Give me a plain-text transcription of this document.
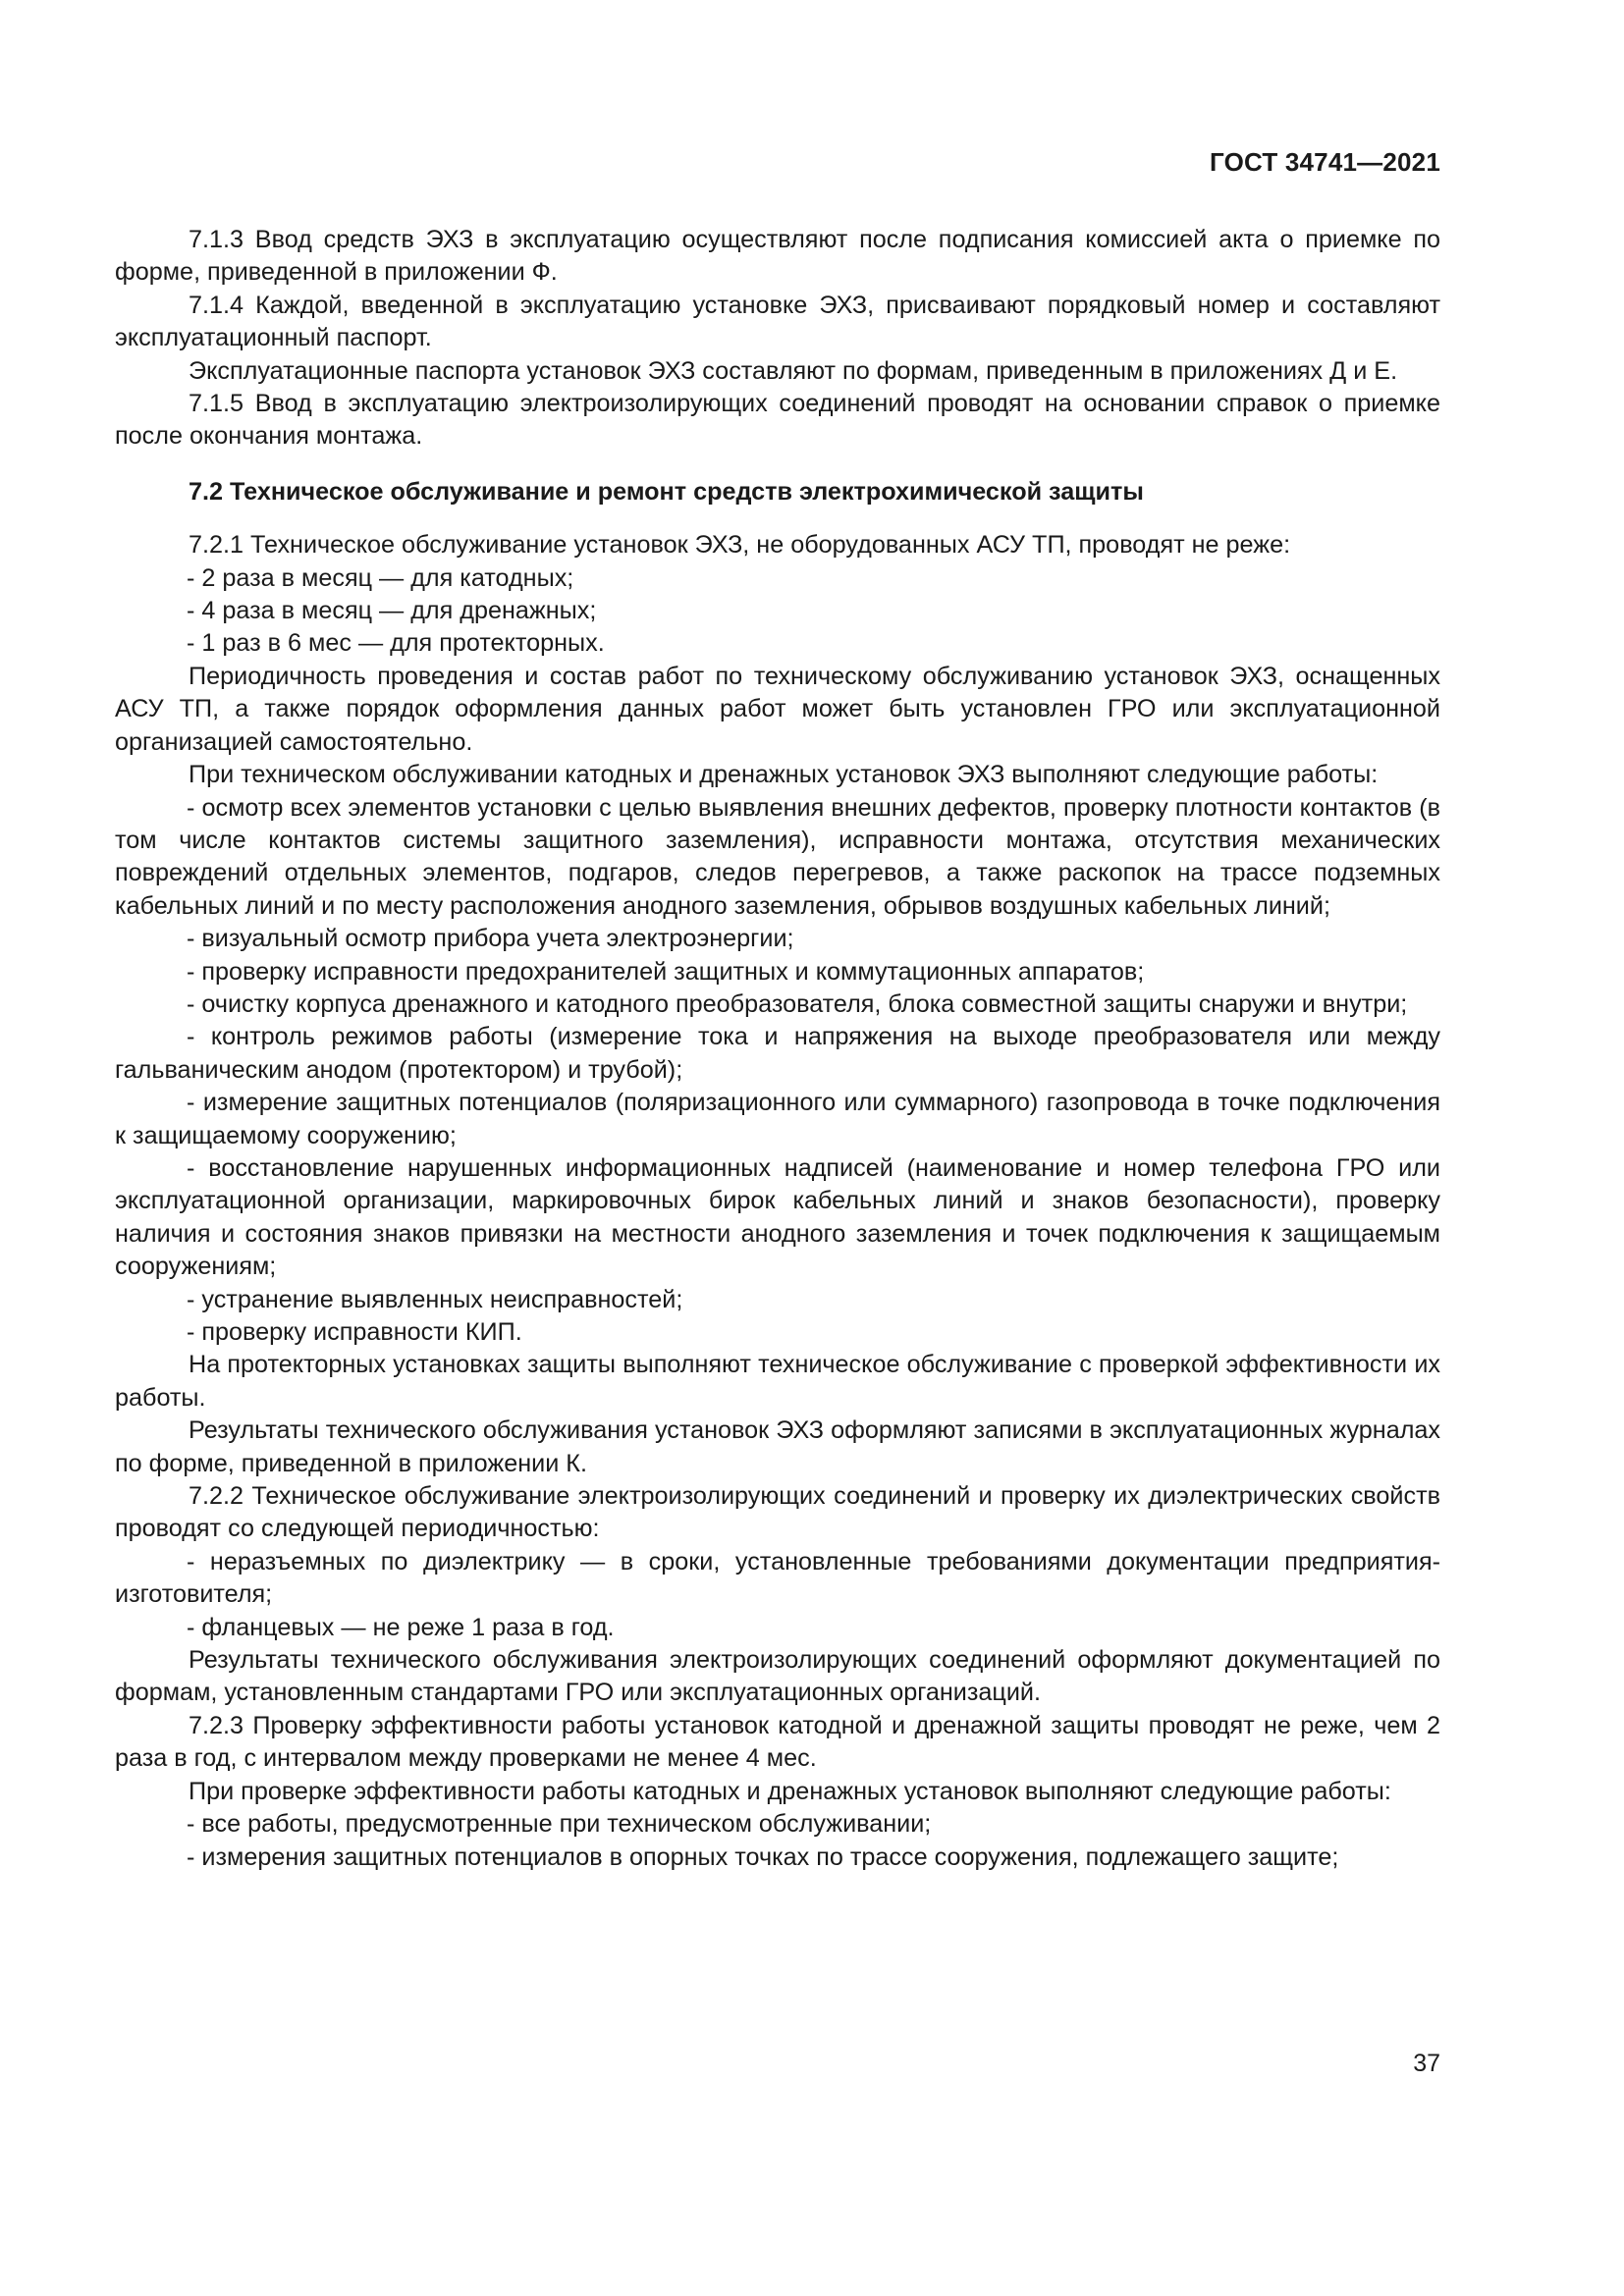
ГОСТ 34741—2021

7.1.3 Ввод средств ЭХЗ в эксплуатацию осуществляют после подписания комиссией акта о приемке по форме, приведенной в приложении Ф.

7.1.4 Каждой, введенной в эксплуатацию установке ЭХЗ, присваивают порядковый номер и составляют эксплуатационный паспорт.

Эксплуатационные паспорта установок ЭХЗ составляют по формам, приведенным в приложениях Д и Е.

7.1.5 Ввод в эксплуатацию электроизолирующих соединений проводят на основании справок о приемке после окончания монтажа.

7.2 Техническое обслуживание и ремонт средств электрохимической защиты

7.2.1 Техническое обслуживание установок ЭХЗ, не оборудованных АСУ ТП, проводят не реже:

- 2 раза в месяц — для катодных;

- 4 раза в месяц — для дренажных;

- 1 раз в 6 мес — для протекторных.

Периодичность проведения и состав работ по техническому обслуживанию установок ЭХЗ, оснащенных АСУ ТП, а также порядок оформления данных работ может быть установлен ГРО или эксплуатационной организацией самостоятельно.

При техническом обслуживании катодных и дренажных установок ЭХЗ выполняют следующие работы:

- осмотр всех элементов установки с целью выявления внешних дефектов, проверку плотности контактов (в том числе контактов системы защитного заземления), исправности монтажа, отсутствия механических повреждений отдельных элементов, подгаров, следов перегревов, а также раскопок на трассе подземных кабельных линий и по месту расположения анодного заземления, обрывов воздушных кабельных линий;

- визуальный осмотр прибора учета электроэнергии;

- проверку исправности предохранителей защитных и коммутационных аппаратов;

- очистку корпуса дренажного и катодного преобразователя, блока совместной защиты снаружи и внутри;

- контроль режимов работы (измерение тока и напряжения на выходе преобразователя или между гальваническим анодом (протектором) и трубой);

- измерение защитных потенциалов (поляризационного или суммарного) газопровода в точке подключения к защищаемому сооружению;

- восстановление нарушенных информационных надписей (наименование и номер телефона ГРО или эксплуатационной организации, маркировочных бирок кабельных линий и знаков безопасности), проверку наличия и состояния знаков привязки на местности анодного заземления и точек подключения к защищаемым сооружениям;

- устранение выявленных неисправностей;

- проверку исправности КИП.

На протекторных установках защиты выполняют техническое обслуживание с проверкой эффективности их работы.

Результаты технического обслуживания установок ЭХЗ оформляют записями в эксплуатационных журналах по форме, приведенной в приложении К.

7.2.2 Техническое обслуживание электроизолирующих соединений и проверку их диэлектрических свойств проводят со следующей периодичностью:

- неразъемных по диэлектрику — в сроки, установленные требованиями документации предприятия-изготовителя;

- фланцевых — не реже 1 раза в год.

Результаты технического обслуживания электроизолирующих соединений оформляют документацией по формам, установленным стандартами ГРО или эксплуатационных организаций.

7.2.3 Проверку эффективности работы установок катодной и дренажной защиты проводят не реже, чем 2 раза в год, с интервалом между проверками не менее 4 мес.

При проверке эффективности работы катодных и дренажных установок выполняют следующие работы:

- все работы, предусмотренные при техническом обслуживании;

- измерения защитных потенциалов в опорных точках по трассе сооружения, подлежащего защите;

37
